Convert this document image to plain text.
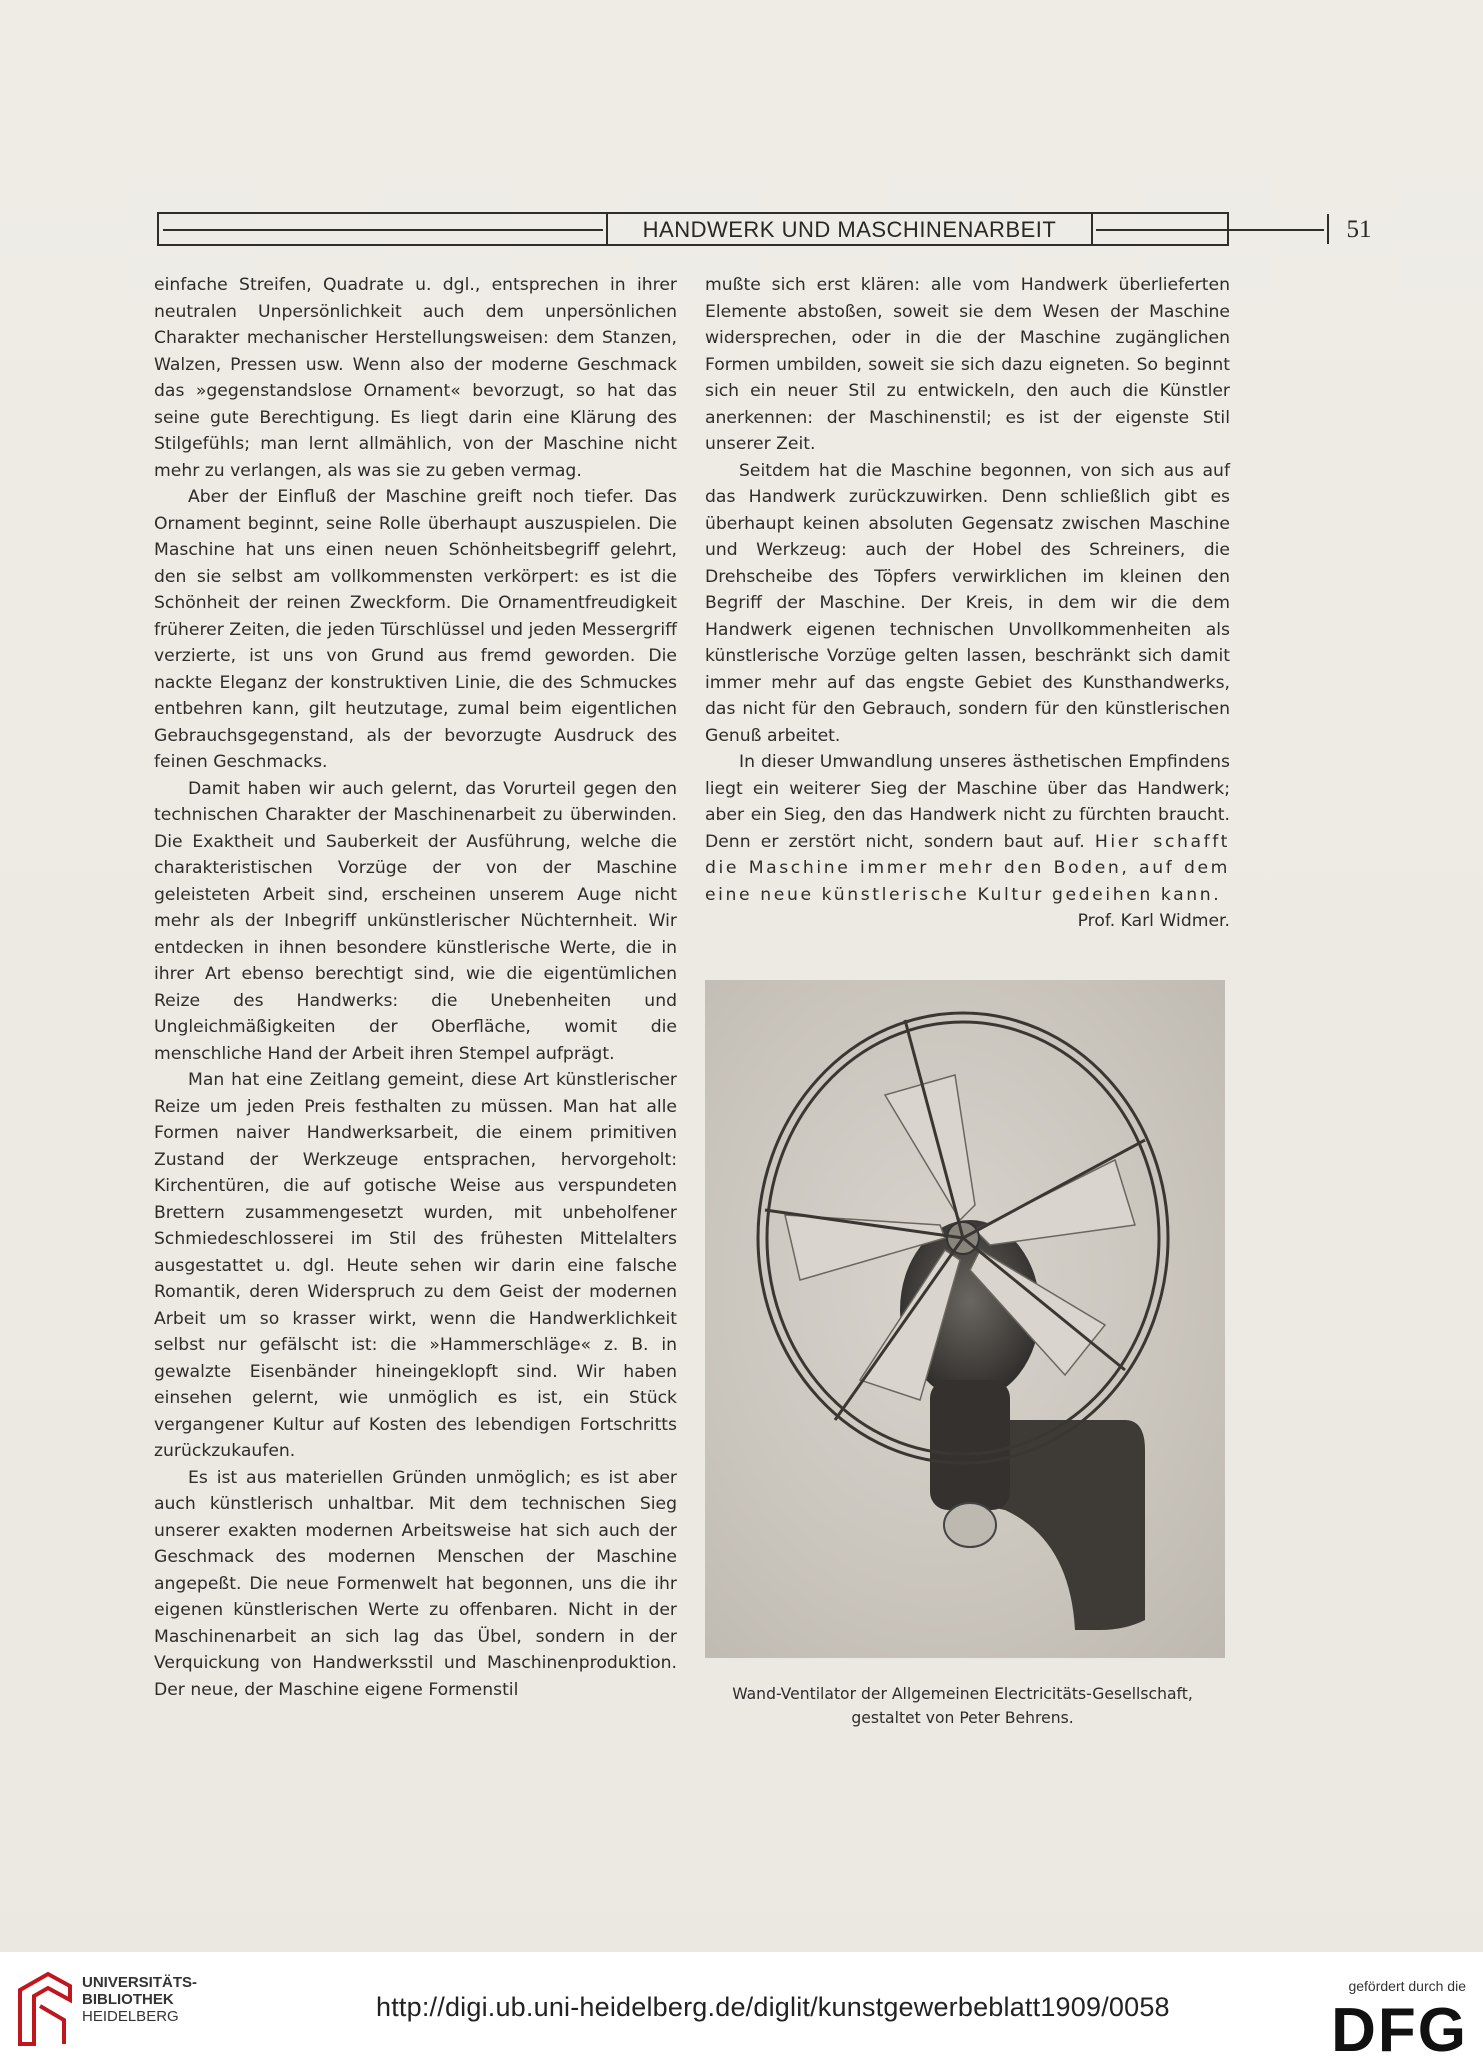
HANDWERK UND MASCHINENARBEIT	51

einfache Streifen, Quadrate u. dgl., entsprechen in ihrer neutralen Unpersönlichkeit auch dem unpersönlichen Charakter mechanischer Herstellungsweisen: dem Stanzen, Walzen, Pressen usw. Wenn also der moderne Geschmack das »gegenstandslose Ornament« bevorzugt, so hat das seine gute Berechtigung. Es liegt darin eine Klärung des Stilgefühls; man lernt allmählich, von der Maschine nicht mehr zu verlangen, als was sie zu geben vermag.

Aber der Einfluß der Maschine greift noch tiefer. Das Ornament beginnt, seine Rolle überhaupt auszuspielen. Die Maschine hat uns einen neuen Schönheitsbegriff gelehrt, den sie selbst am vollkommensten verkörpert: es ist die Schönheit der reinen Zweckform. Die Ornamentfreudigkeit früherer Zeiten, die jeden Türschlüssel und jeden Messergriff verzierte, ist uns von Grund aus fremd geworden. Die nackte Eleganz der konstruktiven Linie, die des Schmuckes entbehren kann, gilt heutzutage, zumal beim eigentlichen Gebrauchsgegenstand, als der bevorzugte Ausdruck des feinen Geschmacks.

Damit haben wir auch gelernt, das Vorurteil gegen den technischen Charakter der Maschinenarbeit zu überwinden. Die Exaktheit und Sauberkeit der Ausführung, welche die charakteristischen Vorzüge der von der Maschine geleisteten Arbeit sind, erscheinen unserem Auge nicht mehr als der Inbegriff unkünstlerischer Nüchternheit. Wir entdecken in ihnen besondere künstlerische Werte, die in ihrer Art ebenso berechtigt sind, wie die eigentümlichen Reize des Handwerks: die Unebenheiten und Ungleichmäßigkeiten der Oberfläche, womit die menschliche Hand der Arbeit ihren Stempel aufprägt.

Man hat eine Zeitlang gemeint, diese Art künstlerischer Reize um jeden Preis festhalten zu müssen. Man hat alle Formen naiver Handwerksarbeit, die einem primitiven Zustand der Werkzeuge entsprachen, hervorgeholt: Kirchentüren, die auf gotische Weise aus verspundeten Brettern zusammengesetzt wurden, mit unbeholfener Schmiedeschlosserei im Stil des frühesten Mittelalters ausgestattet u. dgl. Heute sehen wir darin eine falsche Romantik, deren Widerspruch zu dem Geist der modernen Arbeit um so krasser wirkt, wenn die Handwerklichkeit selbst nur gefälscht ist: die »Hammerschläge« z. B. in gewalzte Eisenbänder hineingeklopft sind. Wir haben einsehen gelernt, wie unmöglich es ist, ein Stück vergangener Kultur auf Kosten des lebendigen Fortschritts zurückzukaufen.

Es ist aus materiellen Gründen unmöglich; es ist aber auch künstlerisch unhaltbar. Mit dem technischen Sieg unserer exakten modernen Arbeitsweise hat sich auch der Geschmack des modernen Menschen der Maschine angepeßt. Die neue Formenwelt hat begonnen, uns die ihr eigenen künstlerischen Werte zu offenbaren. Nicht in der Maschinenarbeit an sich lag das Übel, sondern in der Verquickung von Handwerksstil und Maschinenproduktion. Der neue, der Maschine eigene Formenstil

mußte sich erst klären: alle vom Handwerk überlieferten Elemente abstoßen, soweit sie dem Wesen der Maschine widersprechen, oder in die der Maschine zugänglichen Formen umbilden, soweit sie sich dazu eigneten. So beginnt sich ein neuer Stil zu entwickeln, den auch die Künstler anerkennen: der Maschinenstil; es ist der eigenste Stil unserer Zeit.

Seitdem hat die Maschine begonnen, von sich aus auf das Handwerk zurückzuwirken. Denn schließlich gibt es überhaupt keinen absoluten Gegensatz zwischen Maschine und Werkzeug: auch der Hobel des Schreiners, die Drehscheibe des Töpfers verwirklichen im kleinen den Begriff der Maschine. Der Kreis, in dem wir die dem Handwerk eigenen technischen Unvollkommenheiten als künstlerische Vorzüge gelten lassen, beschränkt sich damit immer mehr auf das engste Gebiet des Kunsthandwerks, das nicht für den Gebrauch, sondern für den künstlerischen Genuß arbeitet.

In dieser Umwandlung unseres ästhetischen Empfindens liegt ein weiterer Sieg der Maschine über das Handwerk; aber ein Sieg, den das Handwerk nicht zu fürchten braucht. Denn er zerstört nicht, sondern baut auf. Hier schafft die Maschine immer mehr den Boden, auf dem eine neue künstlerische Kultur gedeihen kann.

Prof. Karl Widmer.

Wand-Ventilator der Allgemeinen Electricitäts-Gesellschaft,
gestaltet von Peter Behrens.
UNIVERSITÄTS-
BIBLIOTHEK
HEIDELBERG	http://digi.ub.uni-heidelberg.de/diglit/kunstgewerbeblatt1909/0058
gefördert durch die
DFG
